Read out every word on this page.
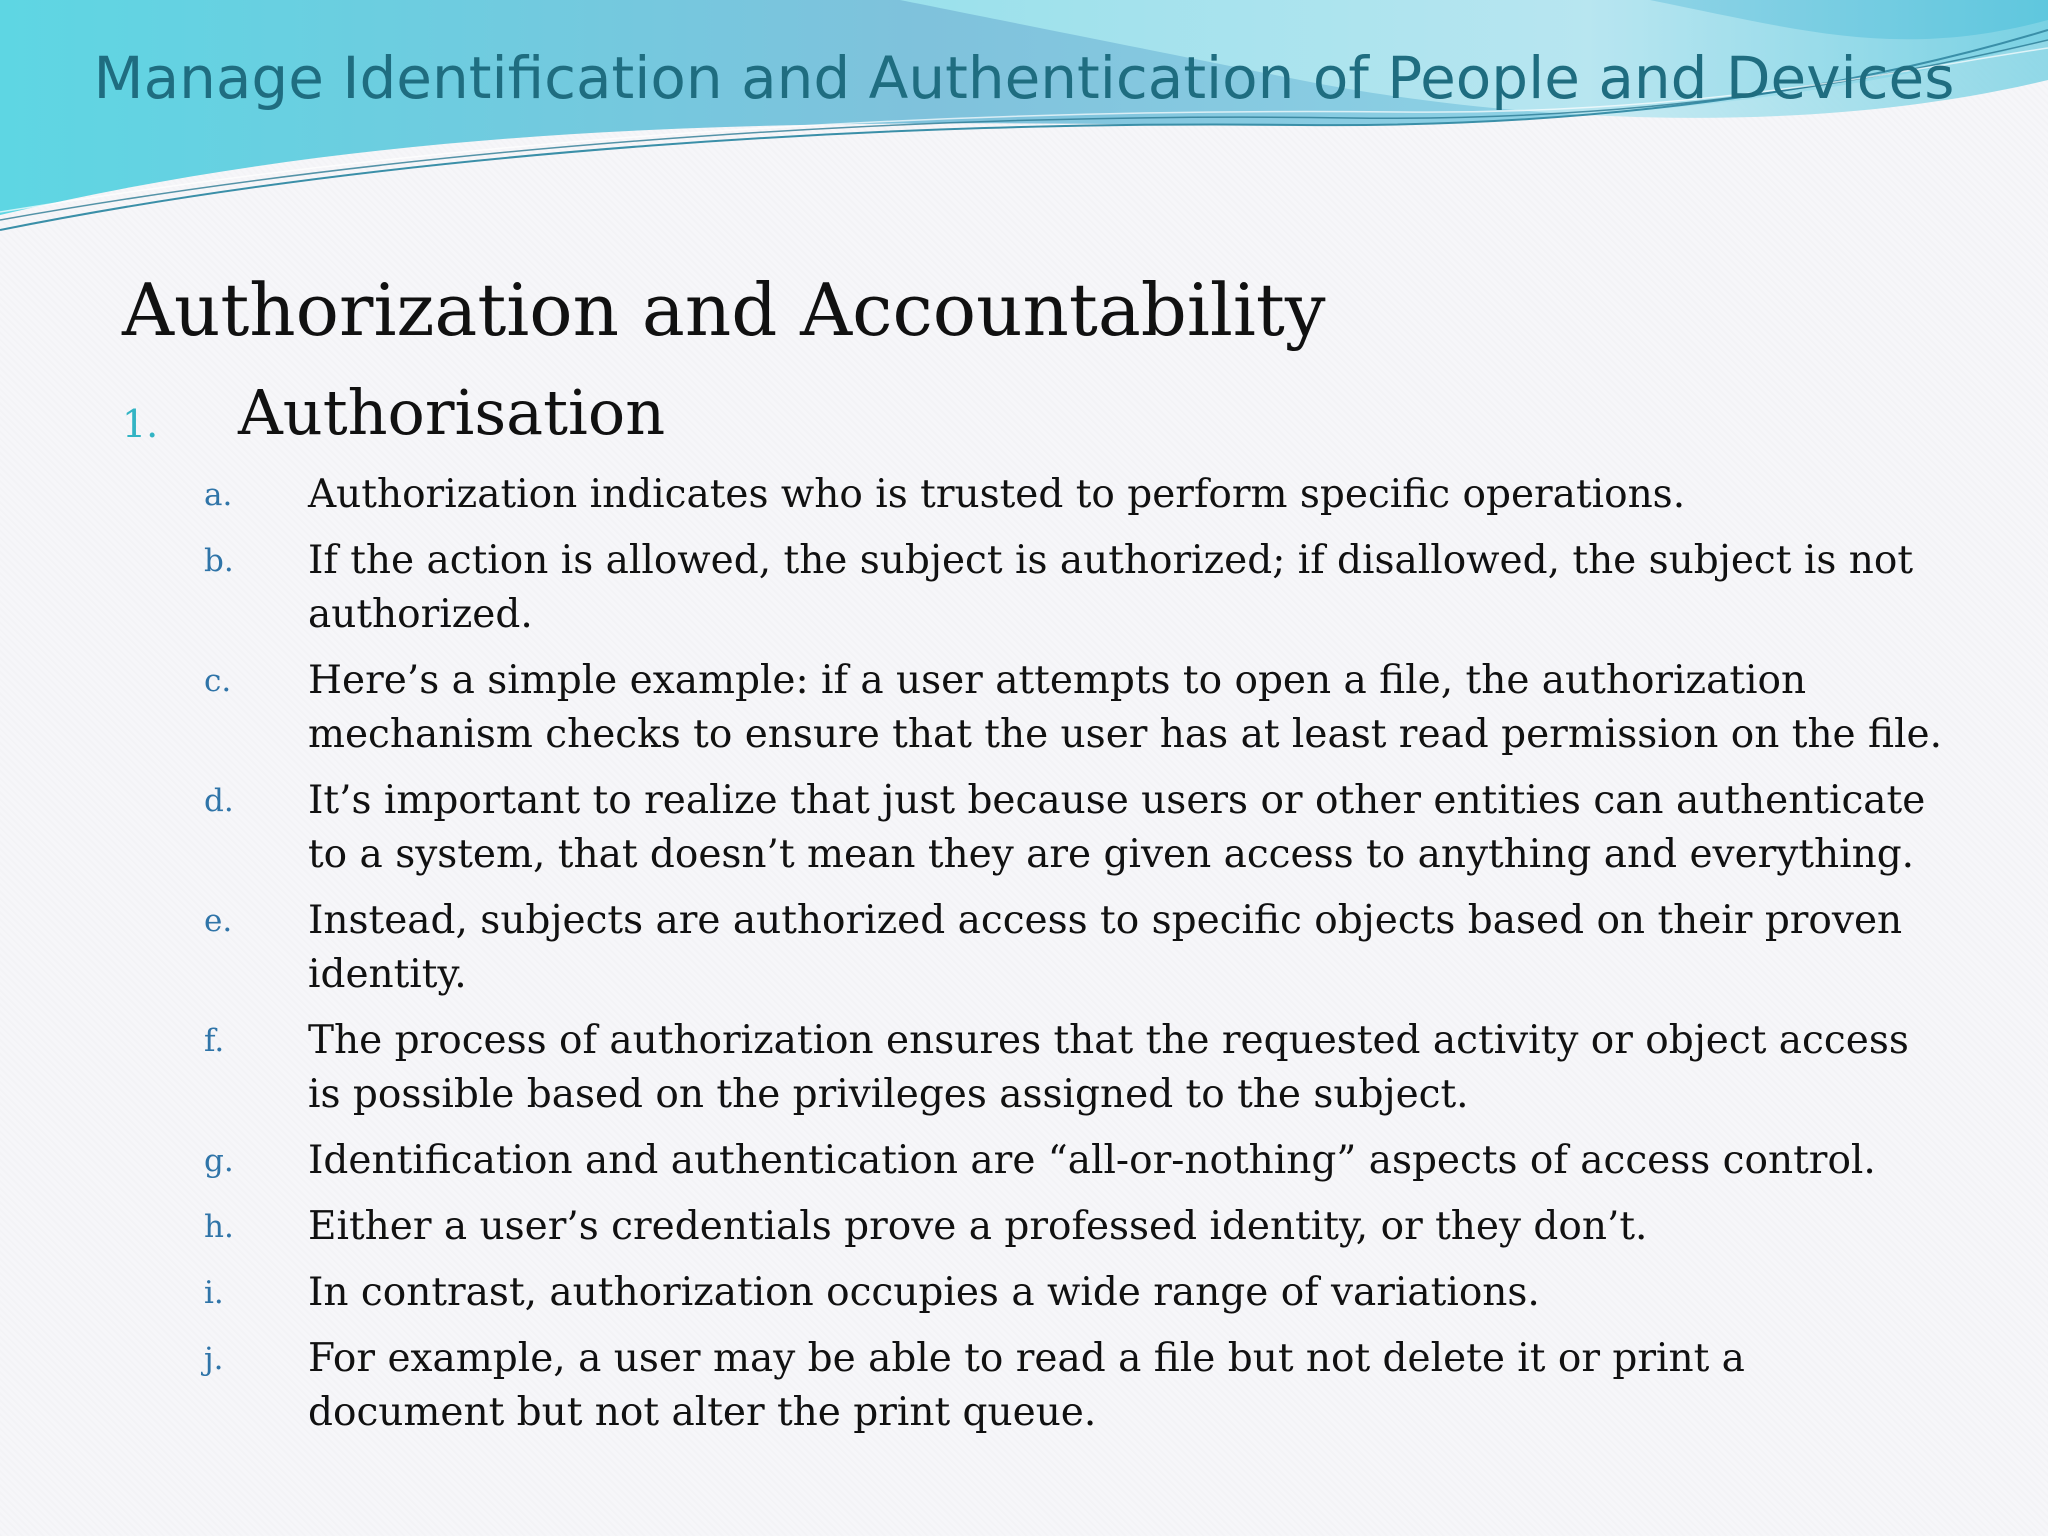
Manage Identification and Authentication of People and Devices
Authorization and Accountability
1. Authorisation
a. Authorization indicates who is trusted to perform specific operations.
b. If the action is allowed, the subject is authorized; if disallowed, the subject is not authorized.
c. Here’s a simple example: if a user attempts to open a file, the authorization mechanism checks to ensure that the user has at least read permission on the file.
d. It’s important to realize that just because users or other entities can authenticate to a system, that doesn’t mean they are given access to anything and everything.
e. Instead, subjects are authorized access to specific objects based on their proven identity.
f. The process of authorization ensures that the requested activity or object access is possible based on the privileges assigned to the subject.
g. Identification and authentication are “all-or-nothing” aspects of access control.
h. Either a user’s credentials prove a professed identity, or they don’t.
i. In contrast, authorization occupies a wide range of variations.
j. For example, a user may be able to read a file but not delete it or print a document but not alter the print queue.
